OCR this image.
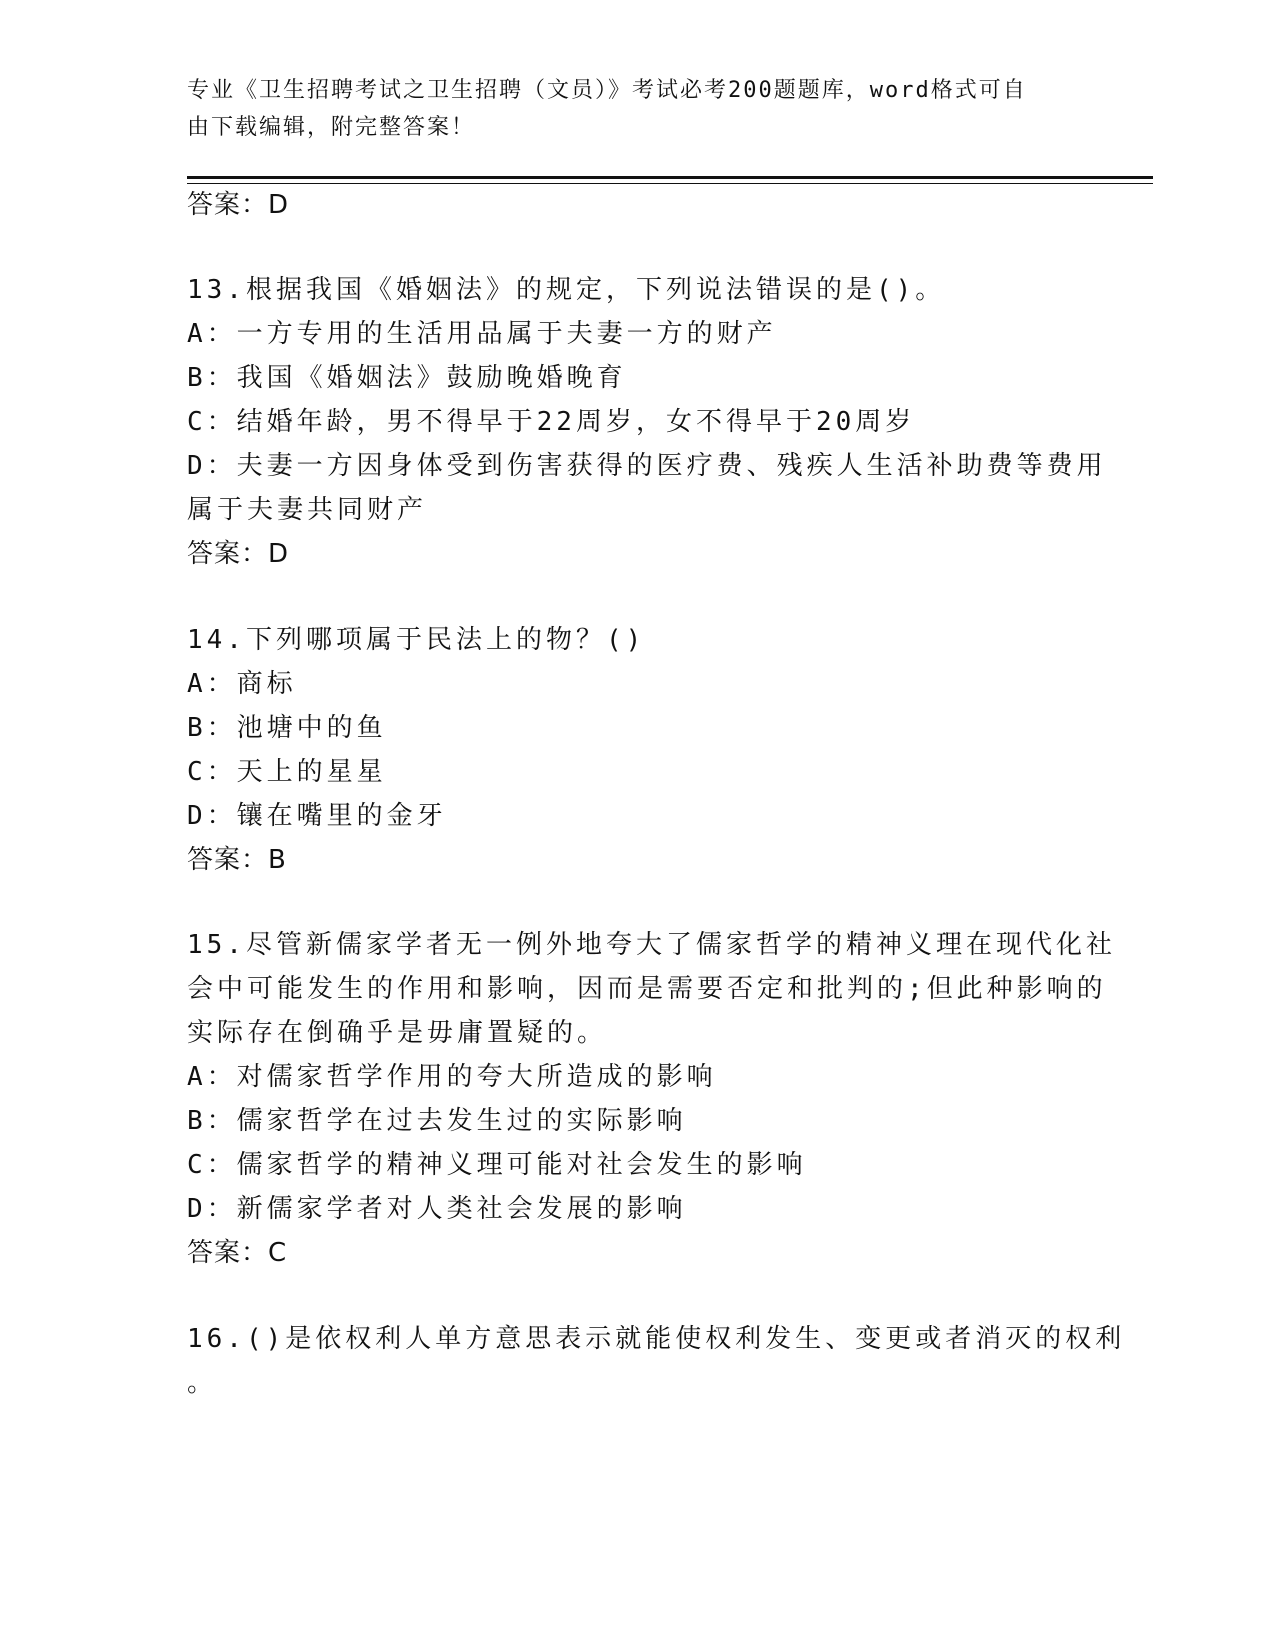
专业《卫生招聘考试之卫生招聘（文员）》考试必考200题题库，word格式可自
由下载编辑，附完整答案！
答案：D
13.根据我国《婚姻法》的规定，下列说法错误的是()。
A：一方专用的生活用品属于夫妻一方的财产
B：我国《婚姻法》鼓励晚婚晚育
C：结婚年龄，男不得早于22周岁，女不得早于20周岁
D：夫妻一方因身体受到伤害获得的医疗费、残疾人生活补助费等费用
属于夫妻共同财产
答案：D
14.下列哪项属于民法上的物？()
A：商标
B：池塘中的鱼
C：天上的星星
D：镶在嘴里的金牙
答案：B
15.尽管新儒家学者无一例外地夸大了儒家哲学的精神义理在现代化社
会中可能发生的作用和影响，因而是需要否定和批判的;但此种影响的
实际存在倒确乎是毋庸置疑的。
A：对儒家哲学作用的夸大所造成的影响
B：儒家哲学在过去发生过的实际影响
C：儒家哲学的精神义理可能对社会发生的影响
D：新儒家学者对人类社会发展的影响
答案：C
16.()是依权利人单方意思表示就能使权利发生、变更或者消灭的权利
。
